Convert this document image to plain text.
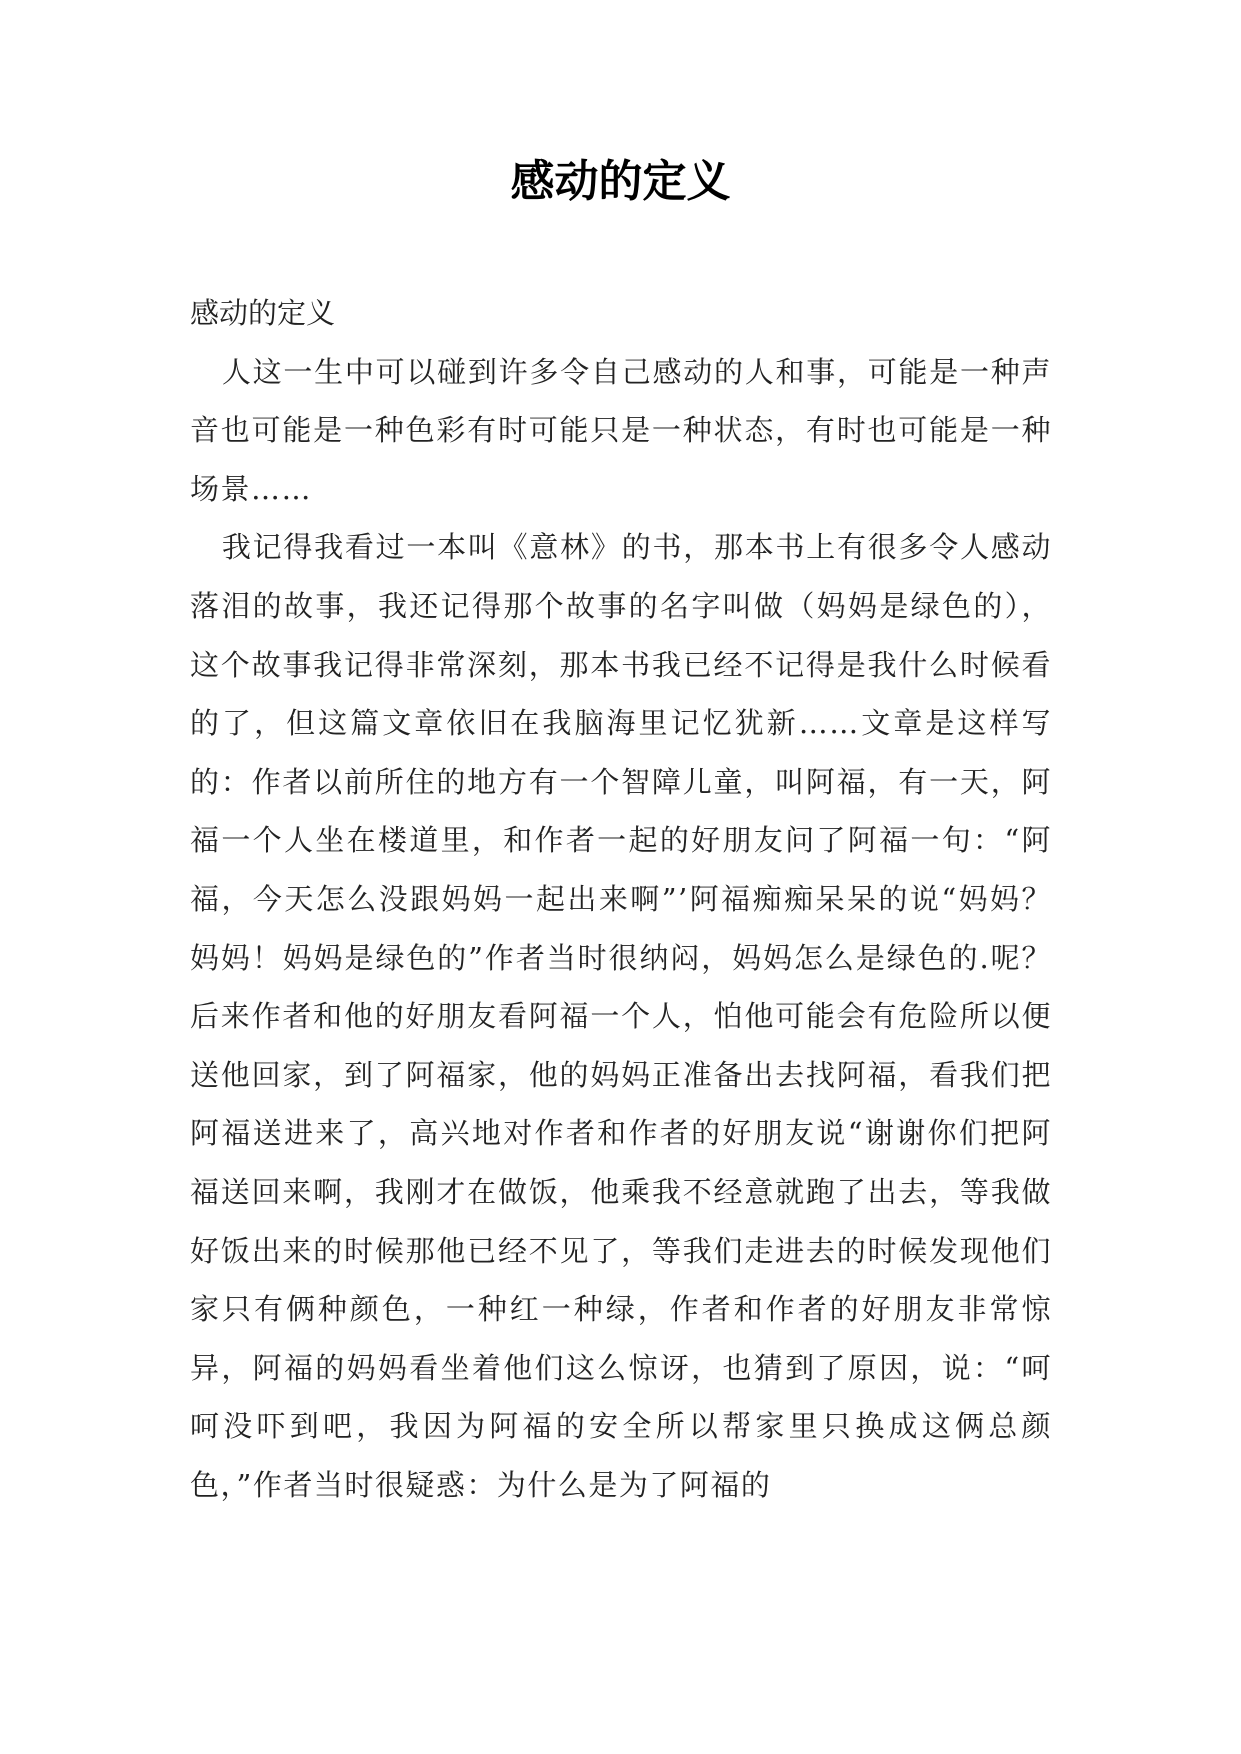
感动的定义

感动的定义

人这一生中可以碰到许多令自己感动的人和事，可能是一种声音也可能是一种色彩有时可能只是一种状态，有时也可能是一种场景……

我记得我看过一本叫《意林》的书，那本书上有很多令人感动落泪的故事，我还记得那个故事的名字叫做（妈妈是绿色的），这个故事我记得非常深刻，那本书我已经不记得是我什么时候看的了，但这篇文章依旧在我脑海里记忆犹新……文章是这样写的：作者以前所住的地方有一个智障儿童，叫阿福，有一天，阿福一个人坐在楼道里，和作者一起的好朋友问了阿福一句：“阿福，今天怎么没跟妈妈一起出来啊”’阿福痴痴呆呆的说“妈妈？妈妈！妈妈是绿色的”作者当时很纳闷，妈妈怎么是绿色的.呢？后来作者和他的好朋友看阿福一个人，怕他可能会有危险所以便送他回家，到了阿福家，他的妈妈正准备出去找阿福，看我们把阿福送进来了，高兴地对作者和作者的好朋友说“谢谢你们把阿福送回来啊，我刚才在做饭，他乘我不经意就跑了出去，等我做好饭出来的时候那他已经不见了，等我们走进去的时候发现他们家只有俩种颜色，一种红一种绿，作者和作者的好朋友非常惊异，阿福的妈妈看坐着他们这么惊讶，也猜到了原因，说：“呵呵没吓到吧，我因为阿福的安全所以帮家里只换成这俩总颜色，”作者当时很疑惑：为什么是为了阿福的
